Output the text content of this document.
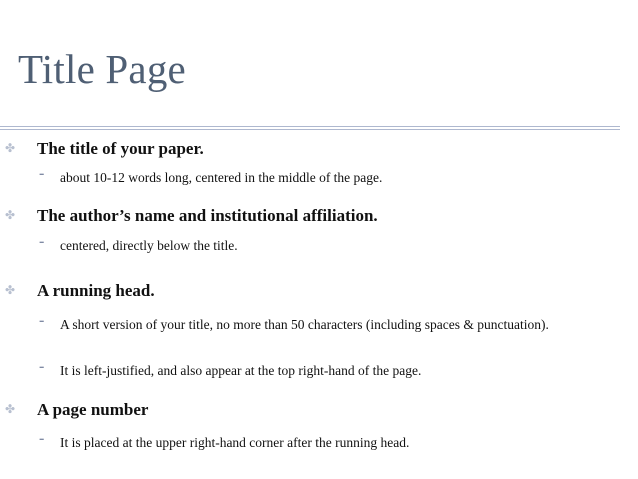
Title Page
✤ The title of your paper.
- about 10-12 words long, centered in the middle of the page.
✤ The author’s name and institutional affiliation.
- centered, directly below the title.
✤ A running head.
- A short version of your title, no more than 50 characters (including spaces & punctuation).
- It is left-justified, and also appear at the top right-hand of the page.
✤ A page number
- It is placed at the upper right-hand corner after the running head.
